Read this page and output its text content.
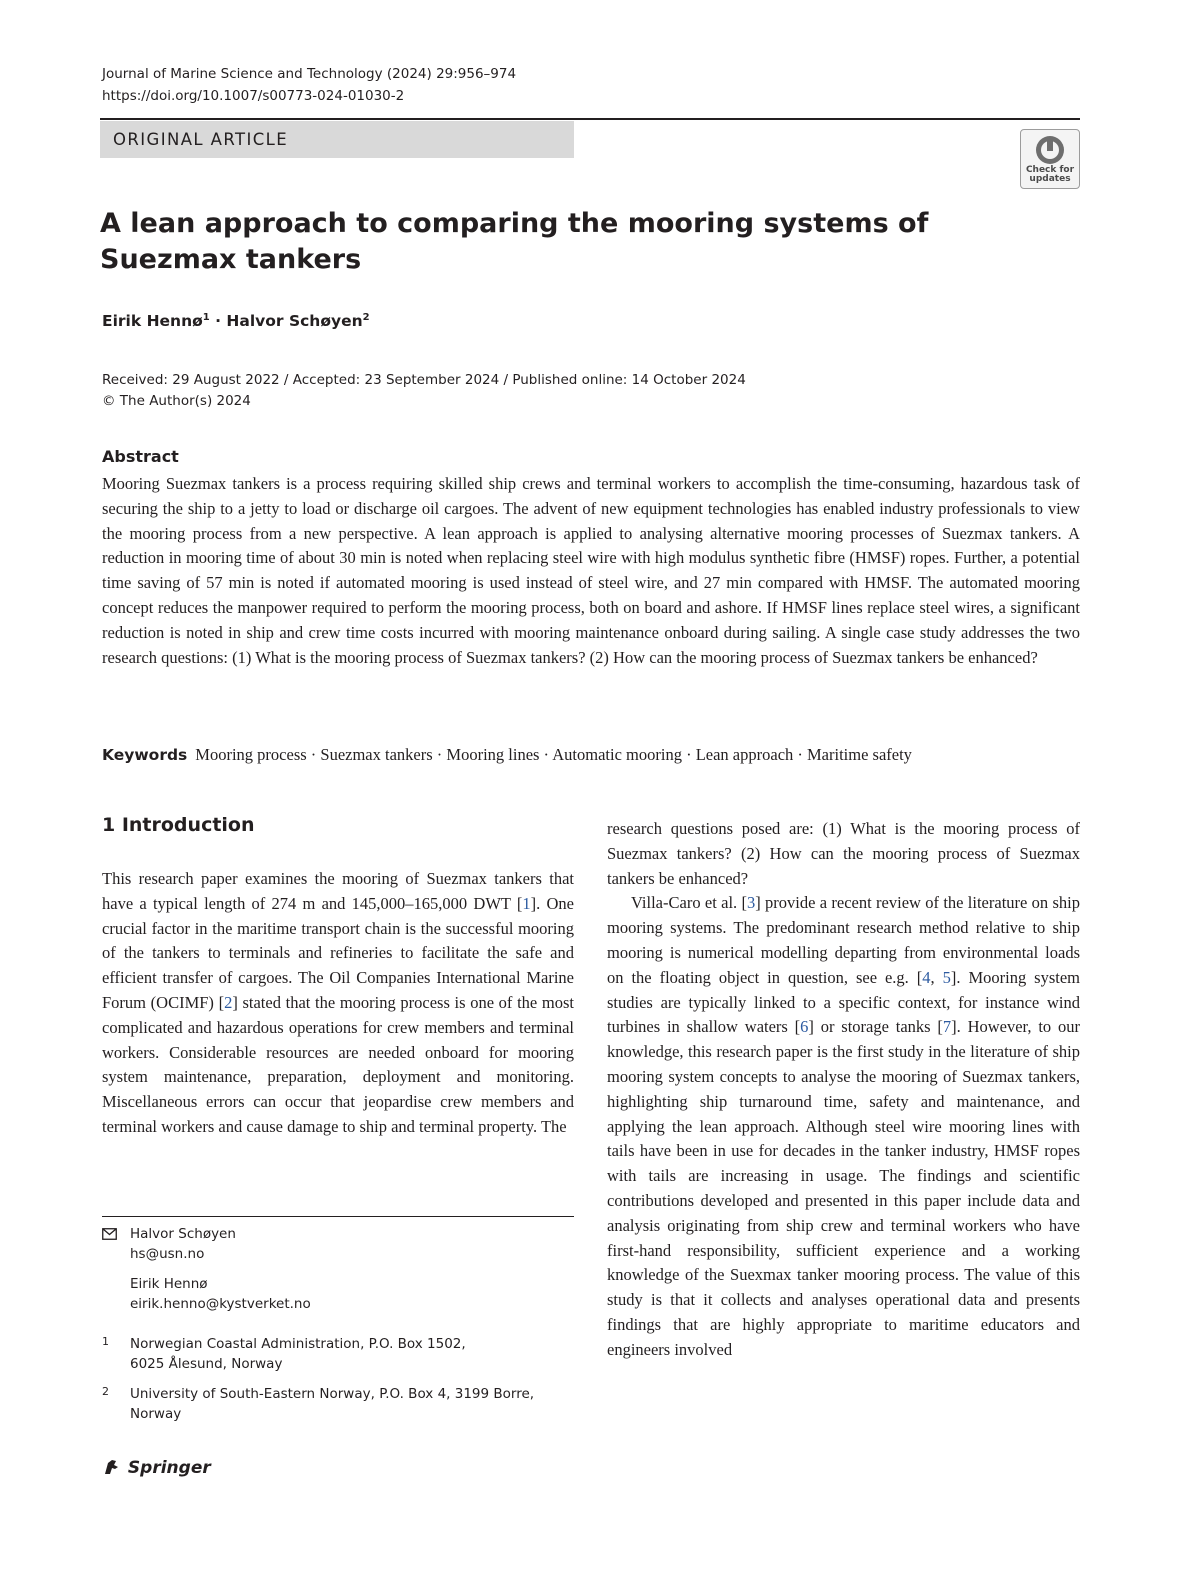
Journal of Marine Science and Technology (2024) 29:956–974
https://doi.org/10.1007/s00773-024-01030-2
ORIGINAL ARTICLE
Check for updates
A lean approach to comparing the mooring systems of Suezmax tankers
Eirik Hennø$^1$ · Halvor Schøyen$^2$
Received: 29 August 2022 / Accepted: 23 September 2024 / Published online: 14 October 2024
© The Author(s) 2024
Abstract
Mooring Suezmax tankers is a process requiring skilled ship crews and terminal workers to accomplish the time-consuming, hazardous task of securing the ship to a jetty to load or discharge oil cargoes. The advent of new equipment technologies has enabled industry professionals to view the mooring process from a new perspective. A lean approach is applied to analysing alternative mooring processes of Suezmax tankers. A reduction in mooring time of about 30 min is noted when replacing steel wire with high modulus synthetic fibre (HMSF) ropes. Further, a potential time saving of 57 min is noted if automated mooring is used instead of steel wire, and 27 min compared with HMSF. The automated mooring concept reduces the manpower required to perform the mooring process, both on board and ashore. If HMSF lines replace steel wires, a significant reduction is noted in ship and crew time costs incurred with mooring maintenance onboard during sailing. A single case study addresses the two research questions: (1) What is the mooring process of Suezmax tankers? (2) How can the mooring process of Suezmax tankers be enhanced?
Keywords Mooring process · Suezmax tankers · Mooring lines · Automatic mooring · Lean approach · Maritime safety
1 Introduction

This research paper examines the mooring of Suezmax tankers that have a typical length of 274 m and 145,000–165,000 DWT [1]. One crucial factor in the maritime transport chain is the successful mooring of the tankers to terminals and refineries to facilitate the safe and efficient transfer of cargoes. The Oil Companies International Marine Forum (OCIMF) [2] stated that the mooring process is one of the most complicated and hazardous operations for crew members and terminal workers. Considerable resources are needed onboard for mooring system maintenance, preparation, deployment and monitoring. Miscellaneous errors can occur that jeopardise crew members and terminal workers and cause damage to ship and terminal property. The

Halvor Schøyen
hs@usn.no
Eirik Hennø
eirik.henno@kystverket.no
1 Norwegian Coastal Administration, P.O. Box 1502,
6025 Ålesund, Norway
2 University of South-Eastern Norway, P.O. Box 4, 3199 Borre,
Norway

research questions posed are: (1) What is the mooring process of Suezmax tankers? (2) How can the mooring process of Suezmax tankers be enhanced?

Villa-Caro et al. [3] provide a recent review of the literature on ship mooring systems. The predominant research method relative to ship mooring is numerical modelling departing from environmental loads on the floating object in question, see e.g. [4, 5]. Mooring system studies are typically linked to a specific context, for instance wind turbines in shallow waters [6] or storage tanks [7]. However, to our knowledge, this research paper is the first study in the literature of ship mooring system concepts to analyse the mooring of Suezmax tankers, highlighting ship turnaround time, safety and maintenance, and applying the lean approach. Although steel wire mooring lines with tails have been in use for decades in the tanker industry, HMSF ropes with tails are increasing in usage. The findings and scientific contributions developed and presented in this paper include data and analysis originating from ship crew and terminal workers who have first-hand responsibility, sufficient experience and a working knowledge of the Suexmax tanker mooring process. The value of this study is that it collects and analyses operational data and presents findings that are highly appropriate to maritime educators and engineers involved

Springer
